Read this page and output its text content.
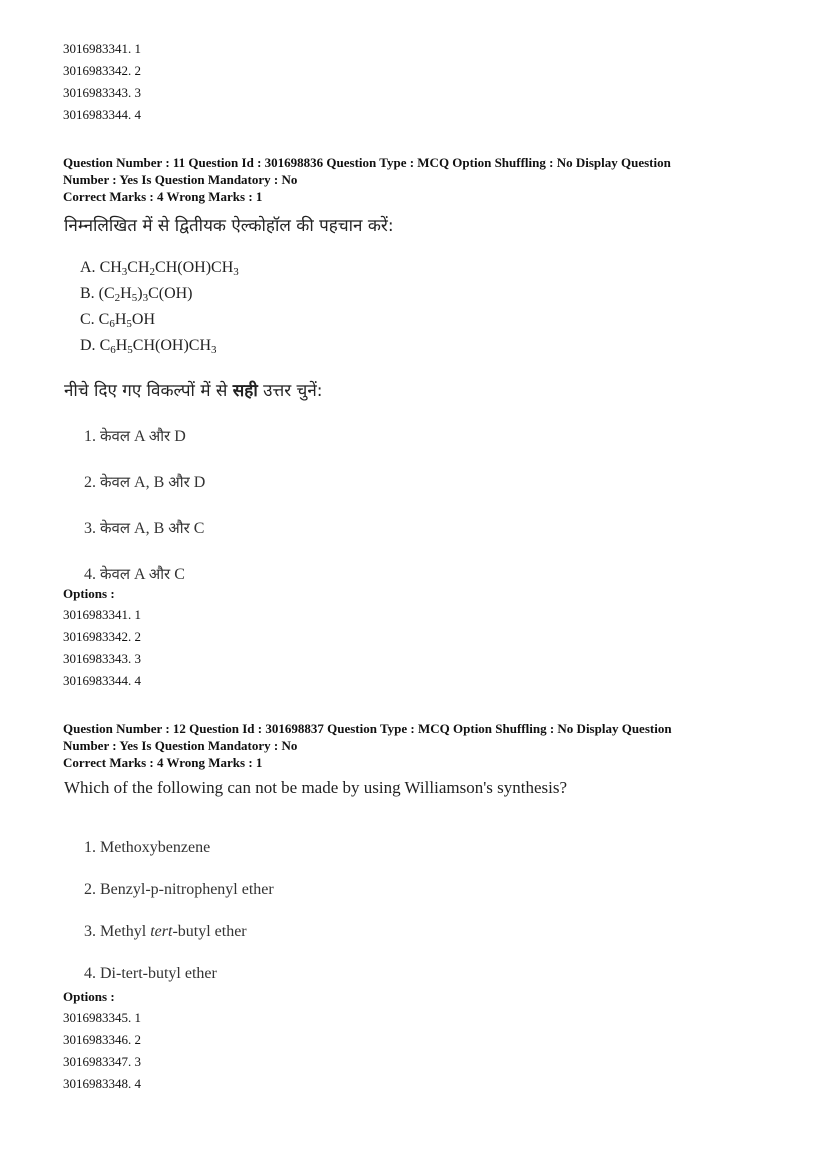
3016983341. 1
3016983342. 2
3016983343. 3
3016983344. 4
Question Number : 11 Question Id : 301698836 Question Type : MCQ Option Shuffling : No Display Question
Number : Yes Is Question Mandatory : No
Correct Marks : 4 Wrong Marks : 1
निम्नलिखित में से द्वितीयक ऐल्कोहॉल की पहचान करें:
A. $CH_3CH_2CH(OH)CH_3$
B. $(C_2H_5)_3C(OH)$
C. $C_6H_5OH$
D. $C_6H_5CH(OH)CH_3$
नीचे दिए गए विकल्पों में से सही उत्तर चुनें:
1. केवल A और D
2. केवल A, B और D
3. केवल A, B और C
4. केवल A और C
Options :
3016983341. 1
3016983342. 2
3016983343. 3
3016983344. 4
Question Number : 12 Question Id : 301698837 Question Type : MCQ Option Shuffling : No Display Question
Number : Yes Is Question Mandatory : No
Correct Marks : 4 Wrong Marks : 1
Which of the following can not be made by using Williamson's synthesis?
1. Methoxybenzene
2. Benzyl-p-nitrophenyl ether
3. Methyl tert-butyl ether
4. Di-tert-butyl ether
Options :
3016983345. 1
3016983346. 2
3016983347. 3
3016983348. 4
